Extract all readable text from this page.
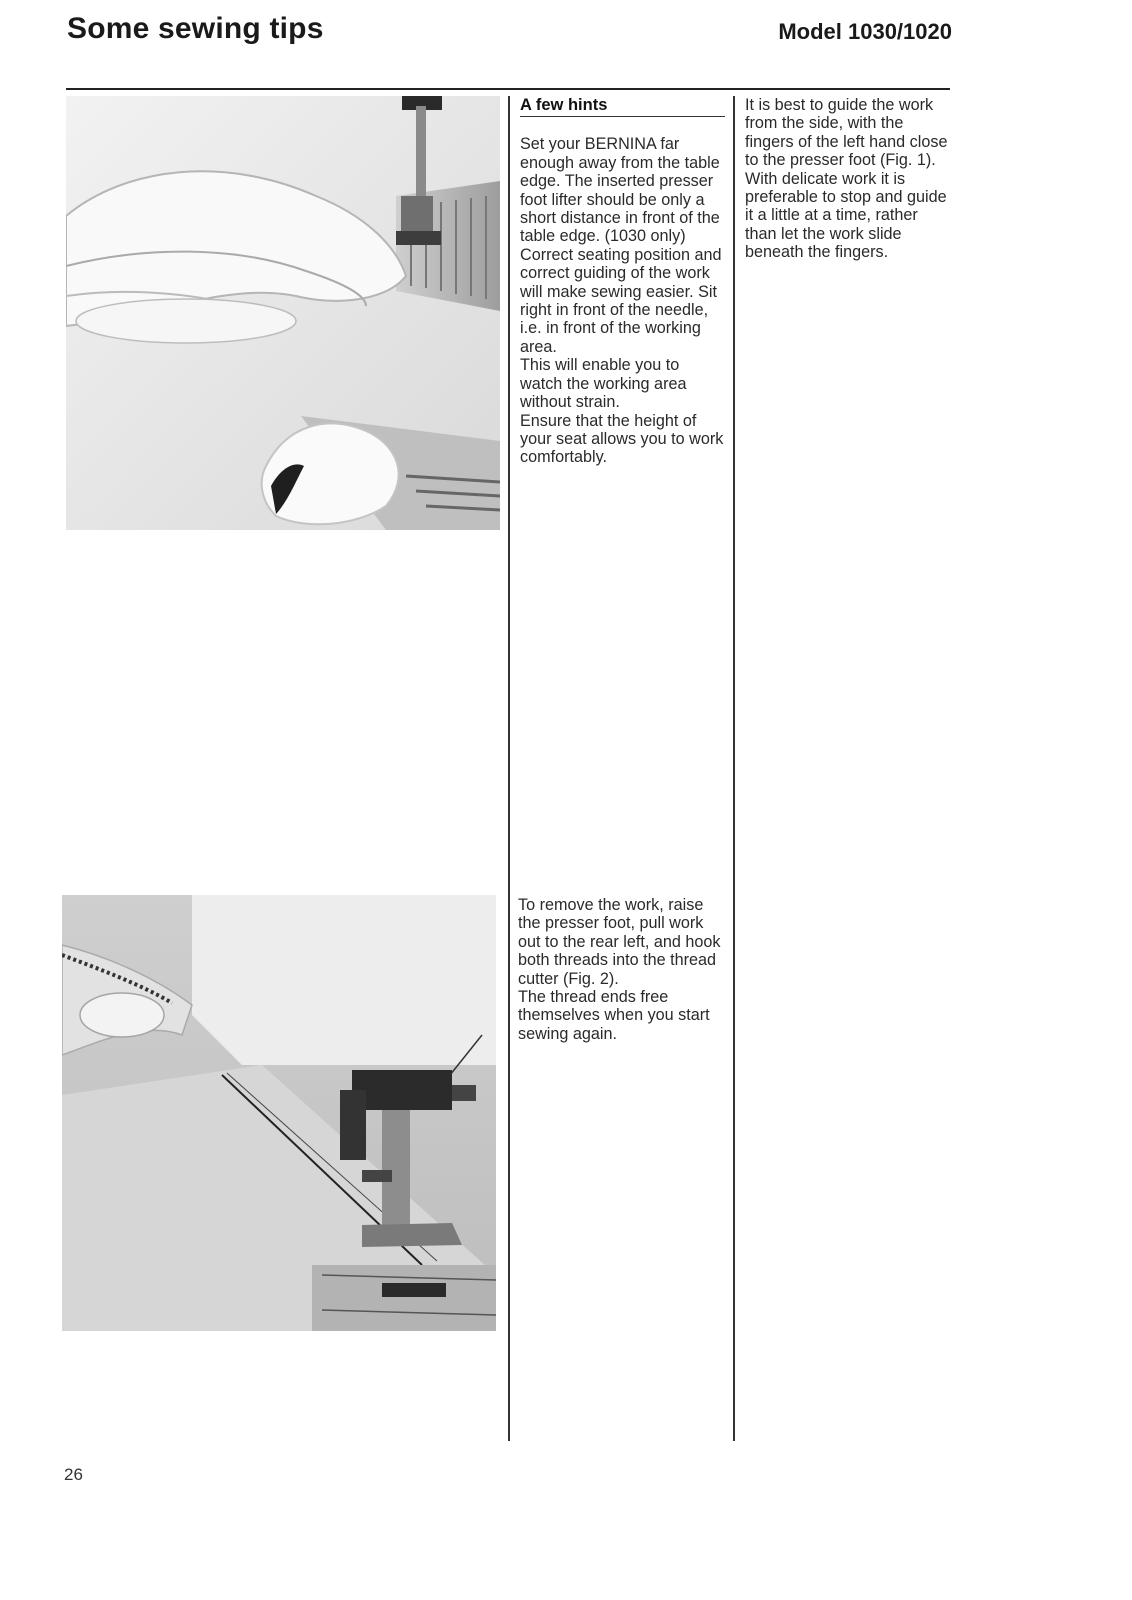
Some sewing tips	Model 1030/1020

A few hints

Set your BERNINA far enough away from the table edge. The inserted presser foot lifter should be only a short distance in front of the table edge. (1030 only)

Correct seating position and correct guiding of the work will make sewing easier. Sit right in front of the needle, i.e. in front of the working area.

This will enable you to watch the working area without strain.

Ensure that the height of your seat allows you to work comfortably.

It is best to guide the work from the side, with the fingers of the left hand close to the presser foot (Fig. 1).

With delicate work it is preferable to stop and guide it a little at a time, rather than let the work slide beneath the fingers.

To remove the work, raise the presser foot, pull work out to the rear left, and hook both threads into the thread cutter (Fig. 2).

The thread ends free themselves when you start sewing again.

26
